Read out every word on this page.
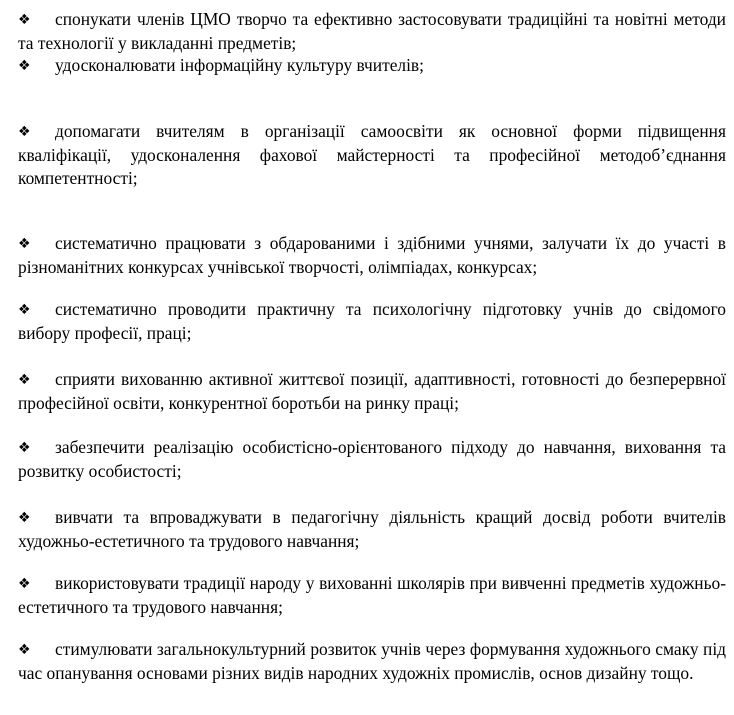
❖ спонукати членів ЦМО творчо та ефективно застосовувати традиційні та новітні методи та технології у викладанні предметів;
❖ удосконалювати інформаційну культуру вчителів;
❖ допомагати вчителям в організації самоосвіти як основної форми підвищення кваліфікації, удосконалення фахової майстерності та професійної методоб’єднання компетентності;
❖ систематично працювати з обдарованими і здібними учнями, залучати їх до участі в різноманітних конкурсах учнівської творчості, олімпіадах, конкурсах;
❖ систематично проводити практичну та психологічну підготовку учнів до свідомого вибору професії, праці;
❖ сприяти вихованню активної життєвої позиції, адаптивності, готовності до безперервної професійної освіти, конкурентної боротьби на ринку праці;
❖ забезпечити реалізацію особистісно-орієнтованого підходу до навчання, виховання та розвитку особистості;
❖ вивчати та впроваджувати в педагогічну діяльність кращий досвід роботи вчителів художньо-естетичного та трудового навчання;
❖ використовувати традиції народу у вихованні школярів при вивченні предметів художньо-естетичного та трудового навчання;
❖ стимулювати загальнокультурний розвиток учнів через формування художнього смаку під час опанування основами різних видів народних художніх промислів, основ дизайну тощо.
